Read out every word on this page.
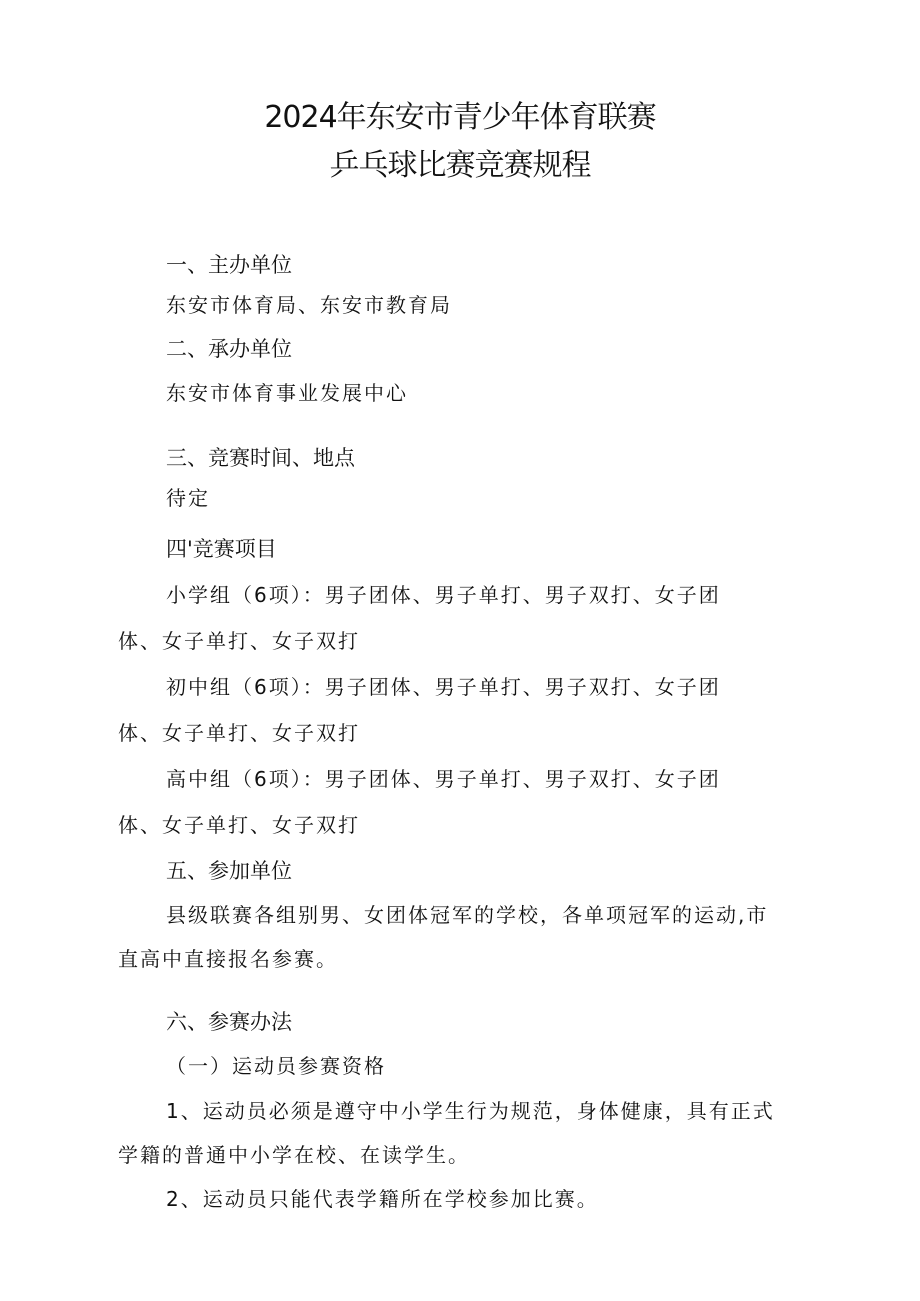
2024年东安市青少年体育联赛
乒乓球比赛竞赛规程
一、主办单位
东安市体育局、东安市教育局
二、承办单位
东安市体育事业发展中心
三、竞赛时间、地点
待定
四'竞赛项目
小学组（6项）：男子团体、男子单打、男子双打、女子团
体、女子单打、女子双打
初中组（6项）：男子团体、男子单打、男子双打、女子团
体、女子单打、女子双打
高中组（6项）：男子团体、男子单打、男子双打、女子团
体、女子单打、女子双打
五、参加单位
县级联赛各组别男、女团体冠军的学校，各单项冠军的运动,市
直高中直接报名参赛。
六、参赛办法
（一）运动员参赛资格
1、运动员必须是遵守中小学生行为规范，身体健康，具有正式
学籍的普通中小学在校、在读学生。
2、运动员只能代表学籍所在学校参加比赛。
